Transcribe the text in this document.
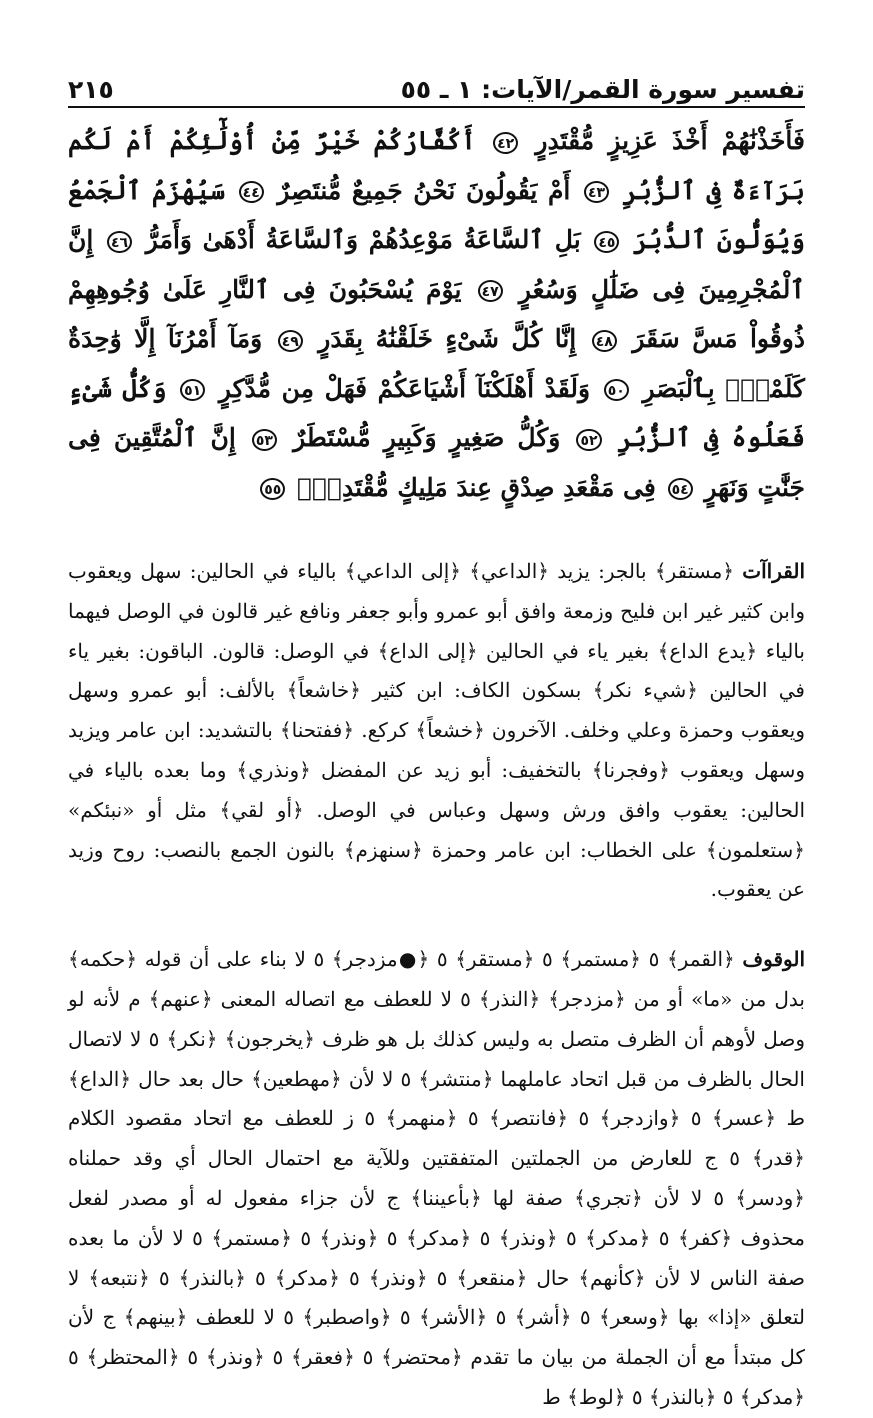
تفسير سورة القمر/الآيات: ١ ـ ٥٥
٢١٥
فَأَخَذْنَٰهُمْ أَخْذَ عَزِيزٍ مُّقْتَدِرٍ ٤٢ أَكُفَّارُكُمْ خَيْرٌ مِّنْ أُوْلَٰٓئِكُمْ أَمْ لَكُم بَرَآءَةٌ فِى ٱلزُّبُرِ ٤٣ أَمْ يَقُولُونَ نَحْنُ جَمِيعٌ مُّنتَصِرٌ ٤٤ سَيُهْزَمُ ٱلْجَمْعُ وَيُوَلُّونَ ٱلدُّبُرَ ٤٥ بَلِ ٱلسَّاعَةُ مَوْعِدُهُمْ وَٱلسَّاعَةُ أَدْهَىٰ وَأَمَرُّ ٤٦ إِنَّ ٱلْمُجْرِمِينَ فِى ضَلَٰلٍ وَسُعُرٍ ٤٧ يَوْمَ يُسْحَبُونَ فِى ٱلنَّارِ عَلَىٰ وُجُوهِهِمْ ذُوقُواْ مَسَّ سَقَرَ ٤٨ إِنَّا كُلَّ شَىْءٍ خَلَقْنَٰهُ بِقَدَرٍ ٤٩ وَمَآ أَمْرُنَآ إِلَّا وَٰحِدَةٌ كَلَمْحٍۭ بِٱلْبَصَرِ ٥٠ وَلَقَدْ أَهْلَكْنَآ أَشْيَاعَكُمْ فَهَلْ مِن مُّدَّكِرٍ ٥١ وَكُلُّ شَىْءٍ فَعَلُوهُ فِى ٱلزُّبُرِ ٥٢ وَكُلُّ صَغِيرٍ وَكَبِيرٍ مُّسْتَطَرٌ ٥٣ إِنَّ ٱلْمُتَّقِينَ فِى جَنَّٰتٍ وَنَهَرٍ ٥٤ فِى مَقْعَدِ صِدْقٍ عِندَ مَلِيكٍ مُّقْتَدِرٍۭ ٥٥
القراآت ﴿مستقر﴾ بالجر: يزيد ﴿الداعي﴾ ﴿إلى الداعي﴾ بالياء في الحالين: سهل ويعقوب وابن كثير غير ابن فليح وزمعة وافق أبو عمرو وأبو جعفر ونافع غير قالون في الوصل فيهما بالياء ﴿يدع الداع﴾ بغير ياء في الحالين ﴿إلى الداع﴾ في الوصل: قالون. الباقون: بغير ياء في الحالين ﴿شيء نكر﴾ بسكون الكاف: ابن كثير ﴿خاشعاً﴾ بالألف: أبو عمرو وسهل ويعقوب وحمزة وعلي وخلف. الآخرون ﴿خشعاً﴾ كركع. ﴿ففتحنا﴾ بالتشديد: ابن عامر ويزيد وسهل ويعقوب ﴿وفجرنا﴾ بالتخفيف: أبو زيد عن المفضل ﴿ونذري﴾ وما بعده بالياء في الحالين: يعقوب وافق ورش وسهل وعباس في الوصل. ﴿أو لقي﴾ مثل أو «نبئكم» ﴿ستعلمون﴾ على الخطاب: ابن عامر وحمزة ﴿سنهزم﴾ بالنون الجمع بالنصب: روح وزيد عن يعقوب.
الوقوف ﴿القمر﴾ ٥ ﴿مستمر﴾ ٥ ﴿مستقر﴾ ٥ ﴿●مزدجر﴾ ٥ لا بناء على أن قوله ﴿حكمه﴾ بدل من «ما» أو من ﴿مزدجر﴾ ﴿النذر﴾ ٥ لا للعطف مع اتصاله المعنى ﴿عنهم﴾ م لأنه لو وصل لأوهم أن الظرف متصل به وليس كذلك بل هو ظرف ﴿يخرجون﴾ ﴿نكر﴾ ٥ لا لاتصال الحال بالظرف من قبل اتحاد عاملهما ﴿منتشر﴾ ٥ لا لأن ﴿مهطعين﴾ حال بعد حال ﴿الداع﴾ ط ﴿عسر﴾ ٥ ﴿وازدجر﴾ ٥ ﴿فانتصر﴾ ٥ ﴿منهمر﴾ ٥ ز للعطف مع اتحاد مقصود الكلام ﴿قدر﴾ ٥ ج للعارض من الجملتين المتفقتين وللآية مع احتمال الحال أي وقد حملناه ﴿ودسر﴾ ٥ لا لأن ﴿تجري﴾ صفة لها ﴿بأعيننا﴾ ج لأن جزاء مفعول له أو مصدر لفعل محذوف ﴿كفر﴾ ٥ ﴿مدكر﴾ ٥ ﴿ونذر﴾ ٥ ﴿مدكر﴾ ٥ ﴿ونذر﴾ ٥ ﴿مستمر﴾ ٥ لا لأن ما بعده صفة الناس لا لأن ﴿كأنهم﴾ حال ﴿منقعر﴾ ٥ ﴿ونذر﴾ ٥ ﴿مدكر﴾ ٥ ﴿بالنذر﴾ ٥ ﴿نتبعه﴾ لا لتعلق «إذا» بها ﴿وسعر﴾ ٥ ﴿أشر﴾ ٥ ﴿الأشر﴾ ٥ ﴿واصطبر﴾ ٥ لا للعطف ﴿بينهم﴾ ج لأن كل مبتدأ مع أن الجملة من بيان ما تقدم ﴿محتضر﴾ ٥ ﴿فعقر﴾ ٥ ﴿ونذر﴾ ٥ ﴿المحتظر﴾ ٥ ﴿مدكر﴾ ٥ ﴿بالنذر﴾ ٥ ﴿لوط﴾ ط
